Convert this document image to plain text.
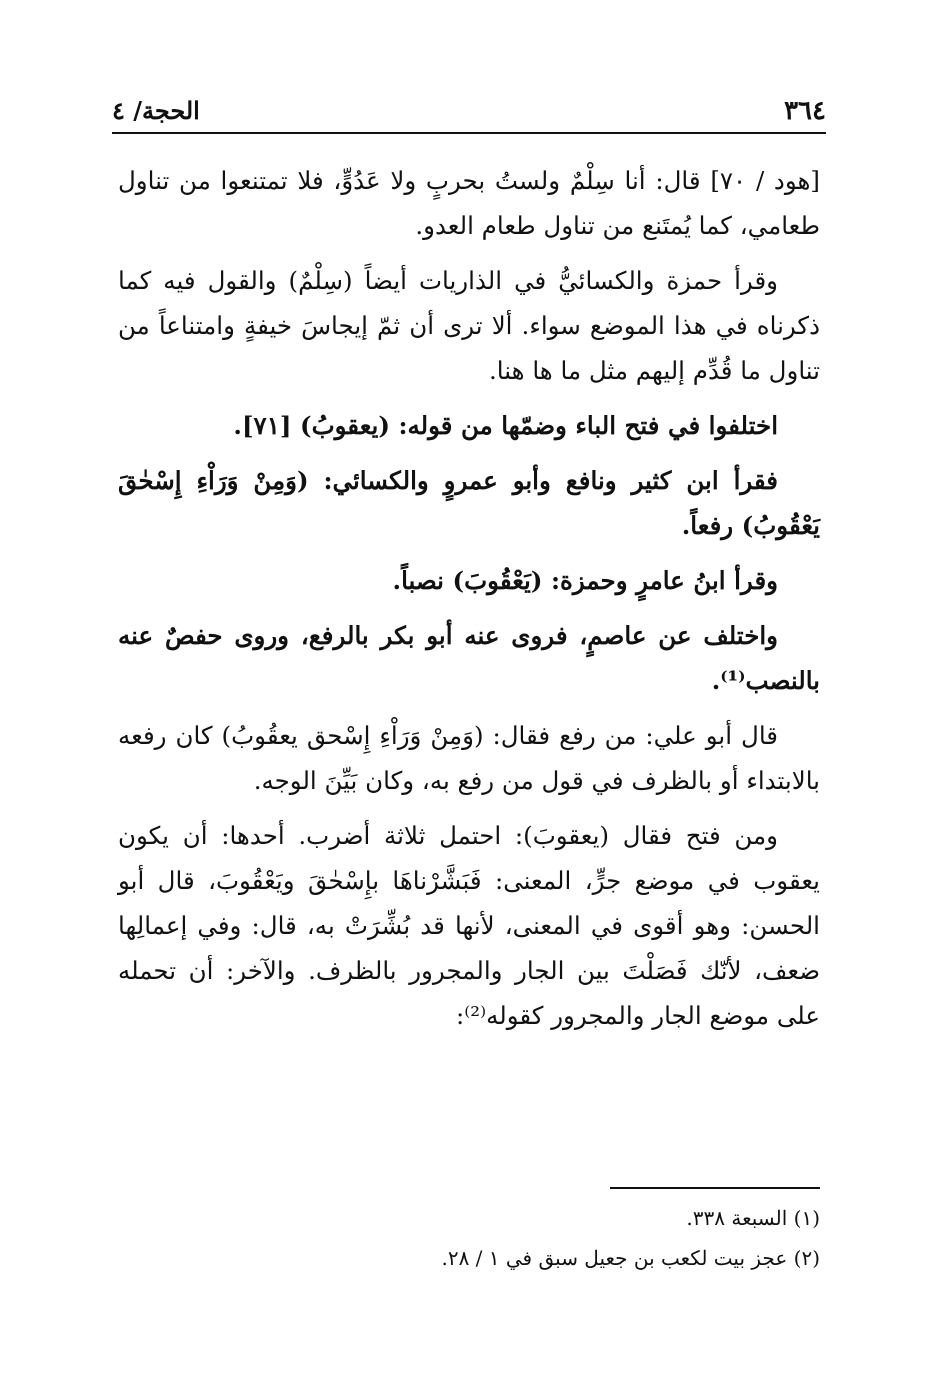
٣٦٤
الحجة/ ٤

[هود / ٧٠] قال: أنا سِلْمٌ ولستُ بحربٍ ولا عَدُوٍّ، فلا تمتنعوا من تناول طعامي، كما يُمتَنع من تناول طعام العدو.

وقرأ حمزة والكسائيُّ في الذاريات أيضاً (سِلْمٌ) والقول فيه كما ذكرناه في هذا الموضع سواء. ألا ترى أن ثمّ إيجاسَ خيفةٍ وامتناعاً من تناول ما قُدِّم إليهم مثل ما ها هنا.

اختلفوا في فتح الباء وضمّها من قوله: (يعقوبُ) [٧١].

فقرأ ابن كثير ونافع وأبو عمروٍ والكسائي: (وَمِنْ وَرَاْءِ إِسْحٰقَ يَعْقُوبُ) رفعاً.

وقرأ ابنُ عامرٍ وحمزة: (يَعْقُوبَ) نصباً.

واختلف عن عاصمٍ، فروى عنه أبو بكر بالرفع، وروى حفصٌ عنه بالنصب⁽¹⁾.

قال أبو علي: من رفع فقال: (وَمِنْ وَرَاْءِ إِسْحق يعقُوبُ) كان رفعه بالابتداء أو بالظرف في قول من رفع به، وكان بَيِّنَ الوجه.

ومن فتح فقال (يعقوبَ): احتمل ثلاثة أضرب. أحدها: أن يكون يعقوب في موضع جرٍّ، المعنى: فَبَشَّرْناهَا بإِسْحٰقَ ويَعْقُوبَ، قال أبو الحسن: وهو أقوى في المعنى، لأنها قد بُشِّرَتْ به، قال: وفي إعمالِها ضعف، لأنّك فَصَلْتَ بين الجار والمجرور بالظرف. والآخر: أن تحمله على موضع الجار والمجرور كقوله⁽²⁾:

(١) السبعة ٣٣٨.
(٢) عجز بيت لكعب بن جعيل سبق في ١ / ٢٨.
